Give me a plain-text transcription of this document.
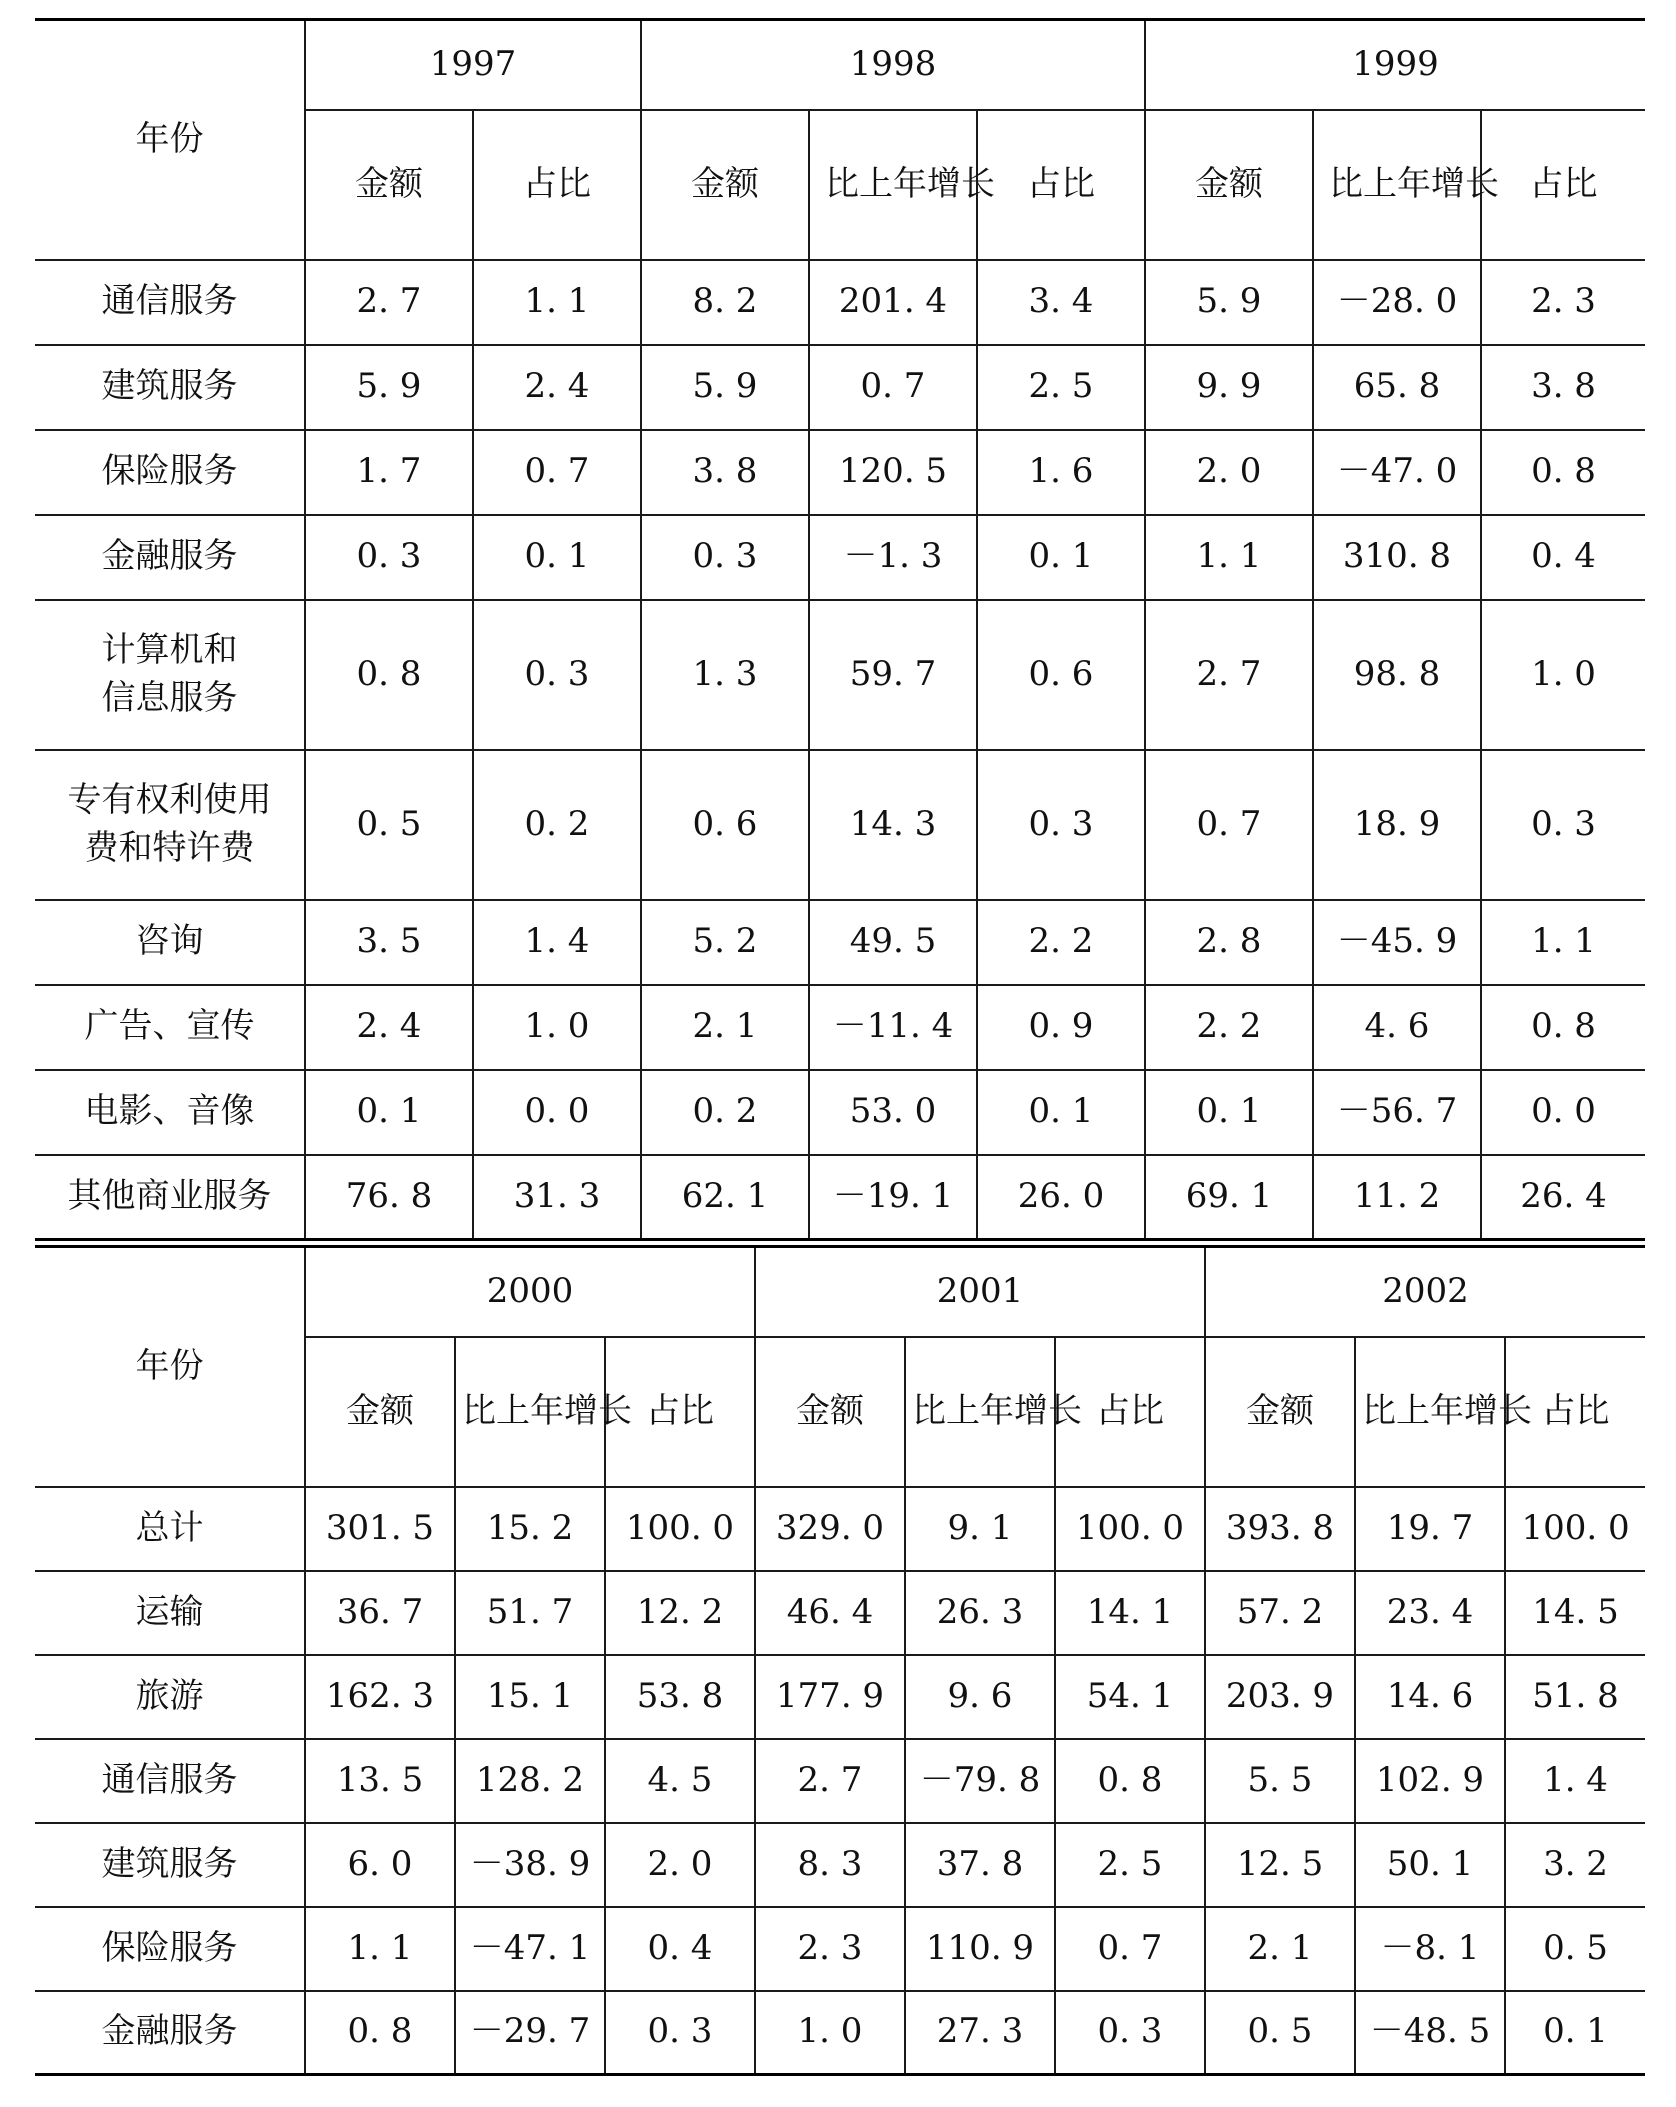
年份	1997		1998			1999		
	金额	占比	金额	比上年增长	占比	金额	比上年增长	占比

通信服务	2. 7	1. 1	8. 2	201. 4	3. 4	5. 9	－28. 0	2. 3

建筑服务	5. 9	2. 4	5. 9	0. 7	2. 5	9. 9	65. 8	3. 8

保险服务	1. 7	0. 7	3. 8	120. 5	1. 6	2. 0	－47. 0	0. 8

金融服务	0. 3	0. 1	0. 3	－1. 3	0. 1	1. 1	310. 8	0. 4

计算机和信息服务	0. 8	0. 3	1. 3	59. 7	0. 6	2. 7	98. 8	1. 0

专有权利使用费和特许费	0. 5	0. 2	0. 6	14. 3	0. 3	0. 7	18. 9	0. 3

咨询	3. 5	1. 4	5. 2	49. 5	2. 2	2. 8	－45. 9	1. 1

广告、宣传	2. 4	1. 0	2. 1	－11. 4	0. 9	2. 2	4. 6	0. 8

电影、音像	0. 1	0. 0	0. 2	53. 0	0. 1	0. 1	－56. 7	0. 0

其他商业服务	76. 8	31. 3	62. 1	－19. 1	26. 0	69. 1	11. 2	26. 4
年份	2000			2001			2002		
	金额	比上年增长	占比	金额	比上年增长	占比	金额	比上年增长	占比

总计	301. 5	15. 2	100. 0	329. 0	9. 1	100. 0	393. 8	19. 7	100. 0

运输	36. 7	51. 7	12. 2	46. 4	26. 3	14. 1	57. 2	23. 4	14. 5

旅游	162. 3	15. 1	53. 8	177. 9	9. 6	54. 1	203. 9	14. 6	51. 8

通信服务	13. 5	128. 2	4. 5	2. 7	－79. 8	0. 8	5. 5	102. 9	1. 4

建筑服务	6. 0	－38. 9	2. 0	8. 3	37. 8	2. 5	12. 5	50. 1	3. 2

保险服务	1. 1	－47. 1	0. 4	2. 3	110. 9	0. 7	2. 1	－8. 1	0. 5

金融服务	0. 8	－29. 7	0. 3	1. 0	27. 3	0. 3	0. 5	－48. 5	0. 1
